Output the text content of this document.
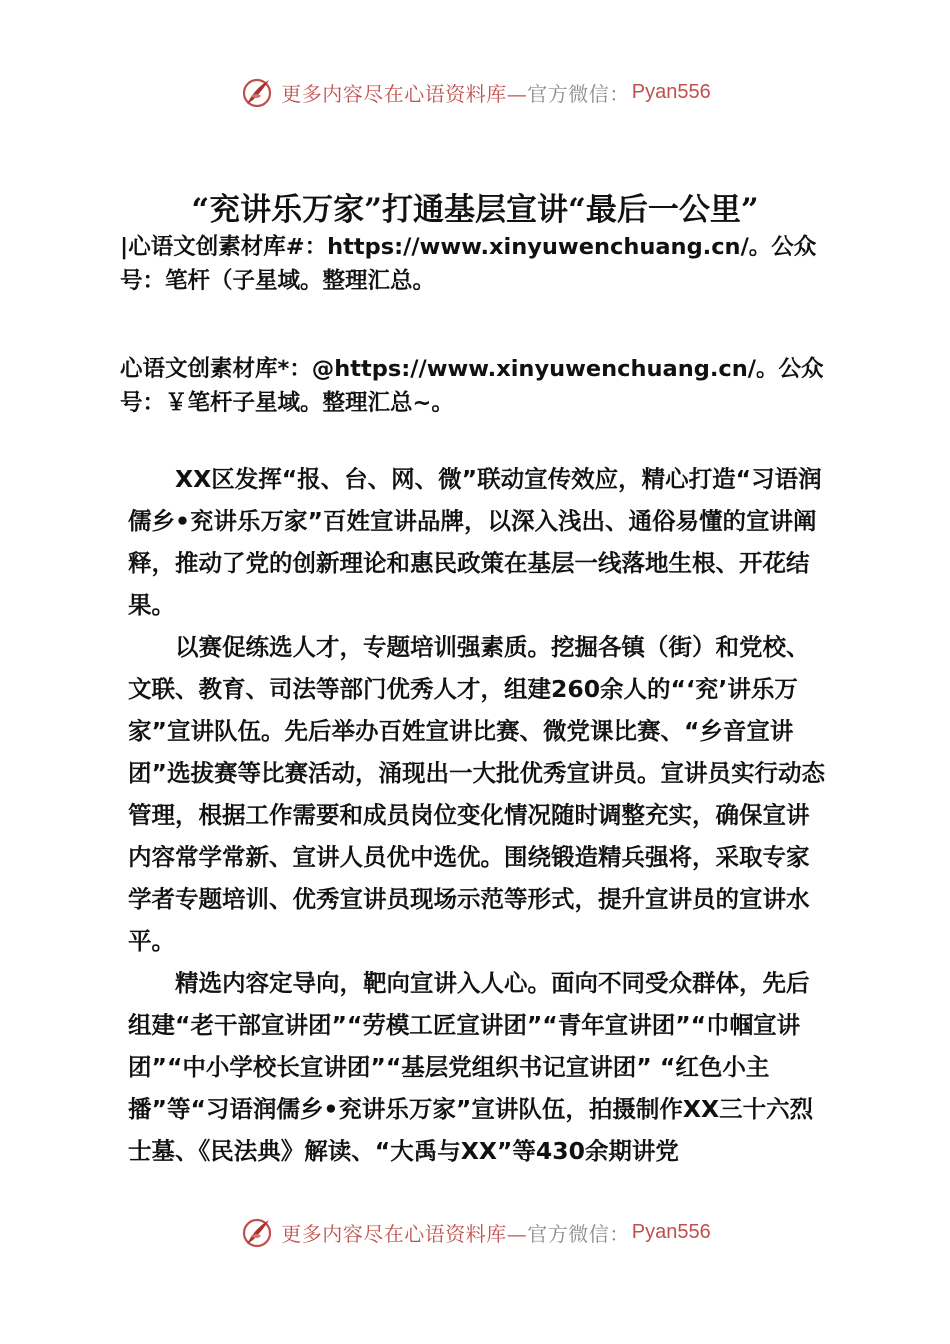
更多内容尽在心语资料库— 官方微信： Pyan556
“兖讲乐万家”打通基层宣讲“最后一公里”
|心语文创素材库#：https://www.xinyuwenchuang.cn/。公众号：笔杆（子星域。整理汇总。
心语文创素材库*：@https://www.xinyuwenchuang.cn/。公众号：￥笔杆子星域。整理汇总~。

XX区发挥“报、台、网、微”联动宣传效应，精心打造“习语润儒乡•兖讲乐万家”百姓宣讲品牌，以深入浅出、通俗易懂的宣讲阐释，推动了党的创新理论和惠民政策在基层一线落地生根、开花结果。

以赛促练选人才，专题培训强素质。挖掘各镇（街）和党校、文联、教育、司法等部门优秀人才，组建260余人的“‘兖’讲乐万家”宣讲队伍。先后举办百姓宣讲比赛、微党课比赛、“乡音宣讲团”选拔赛等比赛活动，涌现出一大批优秀宣讲员。宣讲员实行动态管理，根据工作需要和成员岗位变化情况随时调整充实，确保宣讲内容常学常新、宣讲人员优中选优。围绕锻造精兵强将，采取专家学者专题培训、优秀宣讲员现场示范等形式，提升宣讲员的宣讲水平。

精选内容定导向，靶向宣讲入人心。面向不同受众群体，先后组建“老干部宣讲团”“劳模工匠宣讲团”“青年宣讲团”“巾帼宣讲团”“中小学校长宣讲团”“基层党组织书记宣讲团” “红色小主播”等“习语润儒乡•兖讲乐万家”宣讲队伍，拍摄制作XX三十六烈士墓、《民法典》解读、“大禹与XX”等430余期讲党

更多内容尽在心语资料库— 官方微信： Pyan556
